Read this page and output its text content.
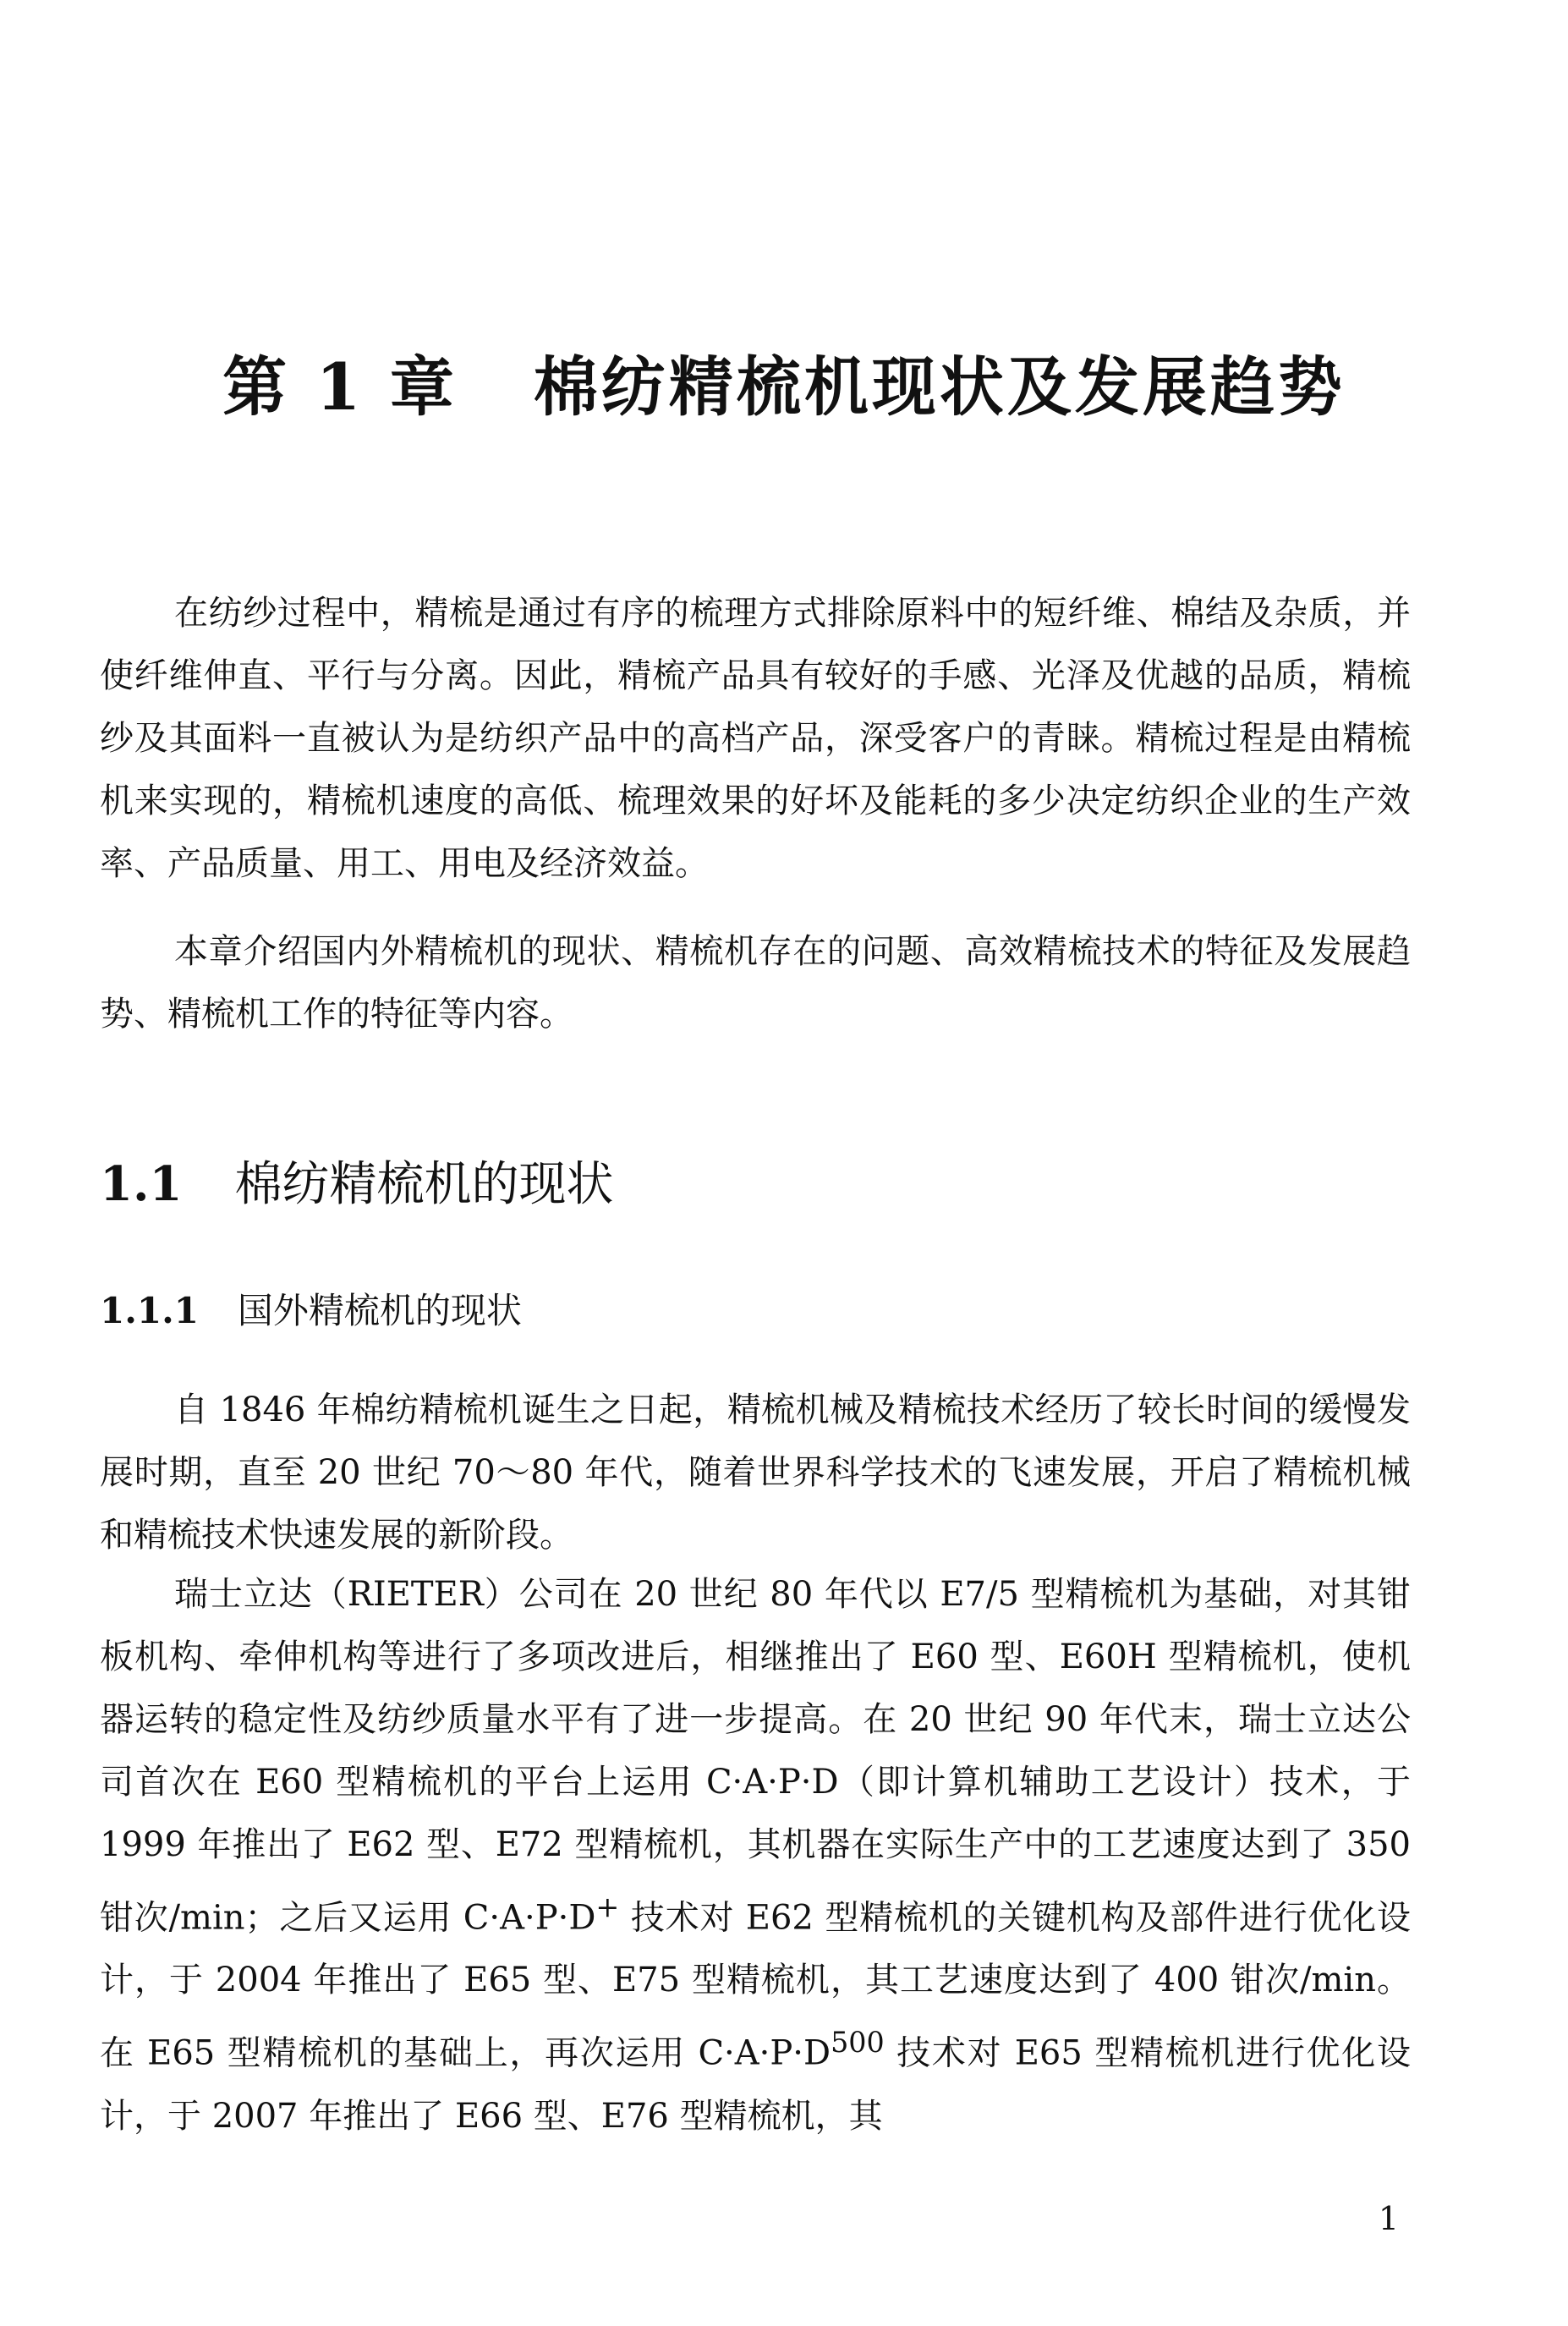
第 1 章 棉纺精梳机现状及发展趋势

在纺纱过程中，精梳是通过有序的梳理方式排除原料中的短纤维、棉结及杂质，并使纤维伸直、平行与分离。因此，精梳产品具有较好的手感、光泽及优越的品质，精梳纱及其面料一直被认为是纺织产品中的高档产品，深受客户的青睐。精梳过程是由精梳机来实现的，精梳机速度的高低、梳理效果的好坏及能耗的多少决定纺织企业的生产效率、产品质量、用工、用电及经济效益。

本章介绍国内外精梳机的现状、精梳机存在的问题、高效精梳技术的特征及发展趋势、精梳机工作的特征等内容。

1.1 棉纺精梳机的现状
1.1.1 国外精梳机的现状

自 1846 年棉纺精梳机诞生之日起，精梳机械及精梳技术经历了较长时间的缓慢发展时期，直至 20 世纪 70～80 年代，随着世界科学技术的飞速发展，开启了精梳机械和精梳技术快速发展的新阶段。

瑞士立达（RIETER）公司在 20 世纪 80 年代以 E7/5 型精梳机为基础，对其钳板机构、牵伸机构等进行了多项改进后，相继推出了 E60 型、E60H 型精梳机，使机器运转的稳定性及纺纱质量水平有了进一步提高。在 20 世纪 90 年代末，瑞士立达公司首次在 E60 型精梳机的平台上运用 C·A·P·D（即计算机辅助工艺设计）技术，于 1999 年推出了 E62 型、E72 型精梳机，其机器在实际生产中的工艺速度达到了 350 钳次/min；之后又运用 C·A·P·D+ 技术对 E62 型精梳机的关键机构及部件进行优化设计，于 2004 年推出了 E65 型、E75 型精梳机，其工艺速度达到了 400 钳次/min。在 E65 型精梳机的基础上，再次运用 $C\cdot A\cdot P\cdot D^{500}$ 技术对 E65 型精梳机进行优化设计，于 2007 年推出了 E66 型、E76 型精梳机，其

1
